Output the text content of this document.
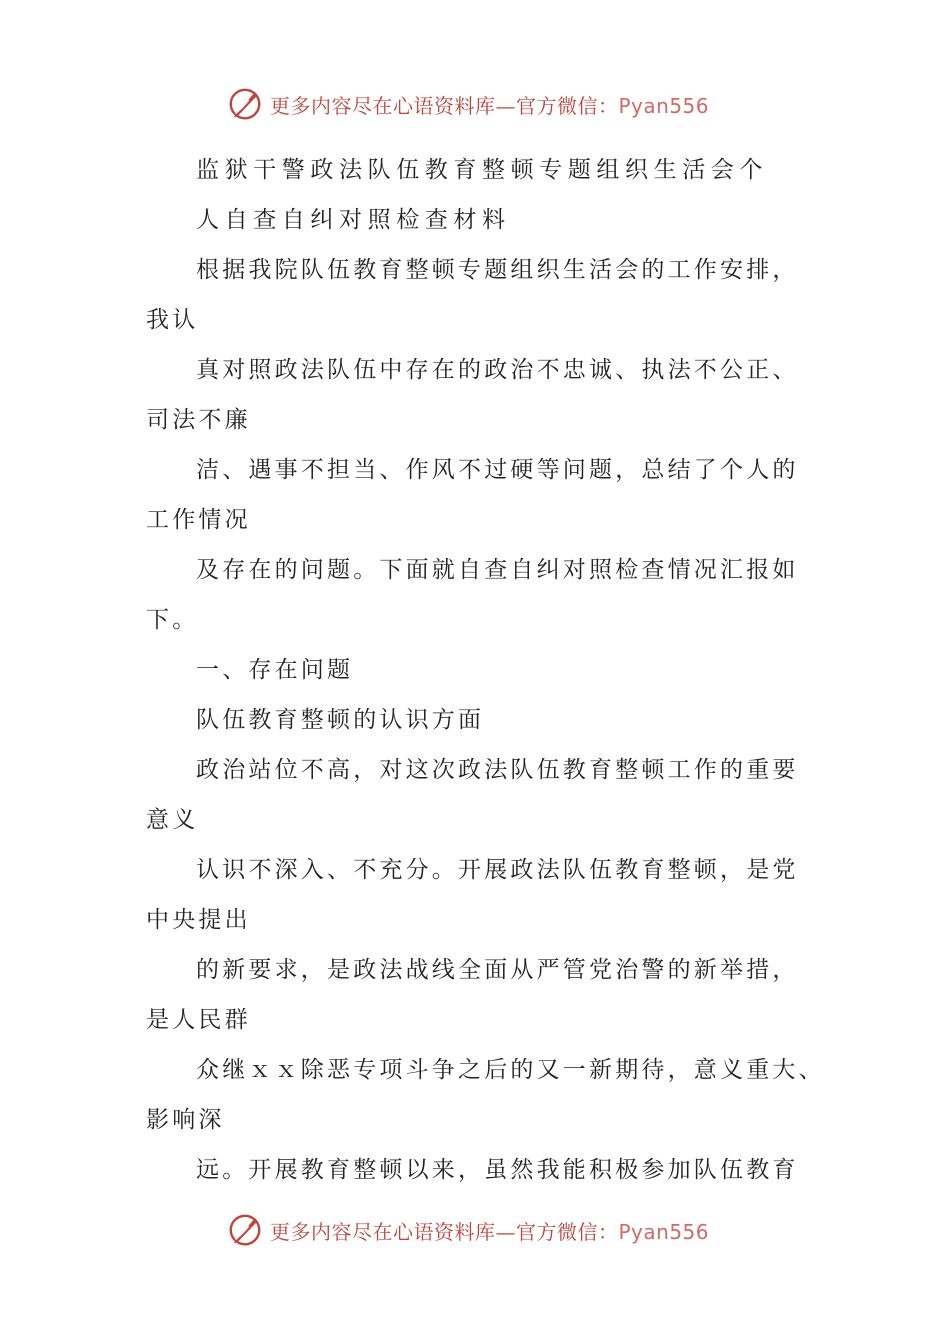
更多内容尽在心语资料库—官方微信：Pyan556
监狱干警政法队伍教育整顿专题组织生活会个
人自查自纠对照检查材料
根据我院队伍教育整顿专题组织生活会的工作安排，
我认
真对照政法队伍中存在的政治不忠诚、执法不公正、
司法不廉
洁、遇事不担当、作风不过硬等问题，总结了个人的
工作情况
及存在的问题。下面就自查自纠对照检查情况汇报如
下。
一、存在问题
队伍教育整顿的认识方面
政治站位不高，对这次政法队伍教育整顿工作的重要
意义
认识不深入、不充分。开展政法队伍教育整顿，是党
中央提出
的新要求，是政法战线全面从严管党治警的新举措，
是人民群
众继ｘｘ除恶专项斗争之后的又一新期待，意义重大、
影响深
远。开展教育整顿以来，虽然我能积极参加队伍教育
更多内容尽在心语资料库—官方微信：Pyan556
